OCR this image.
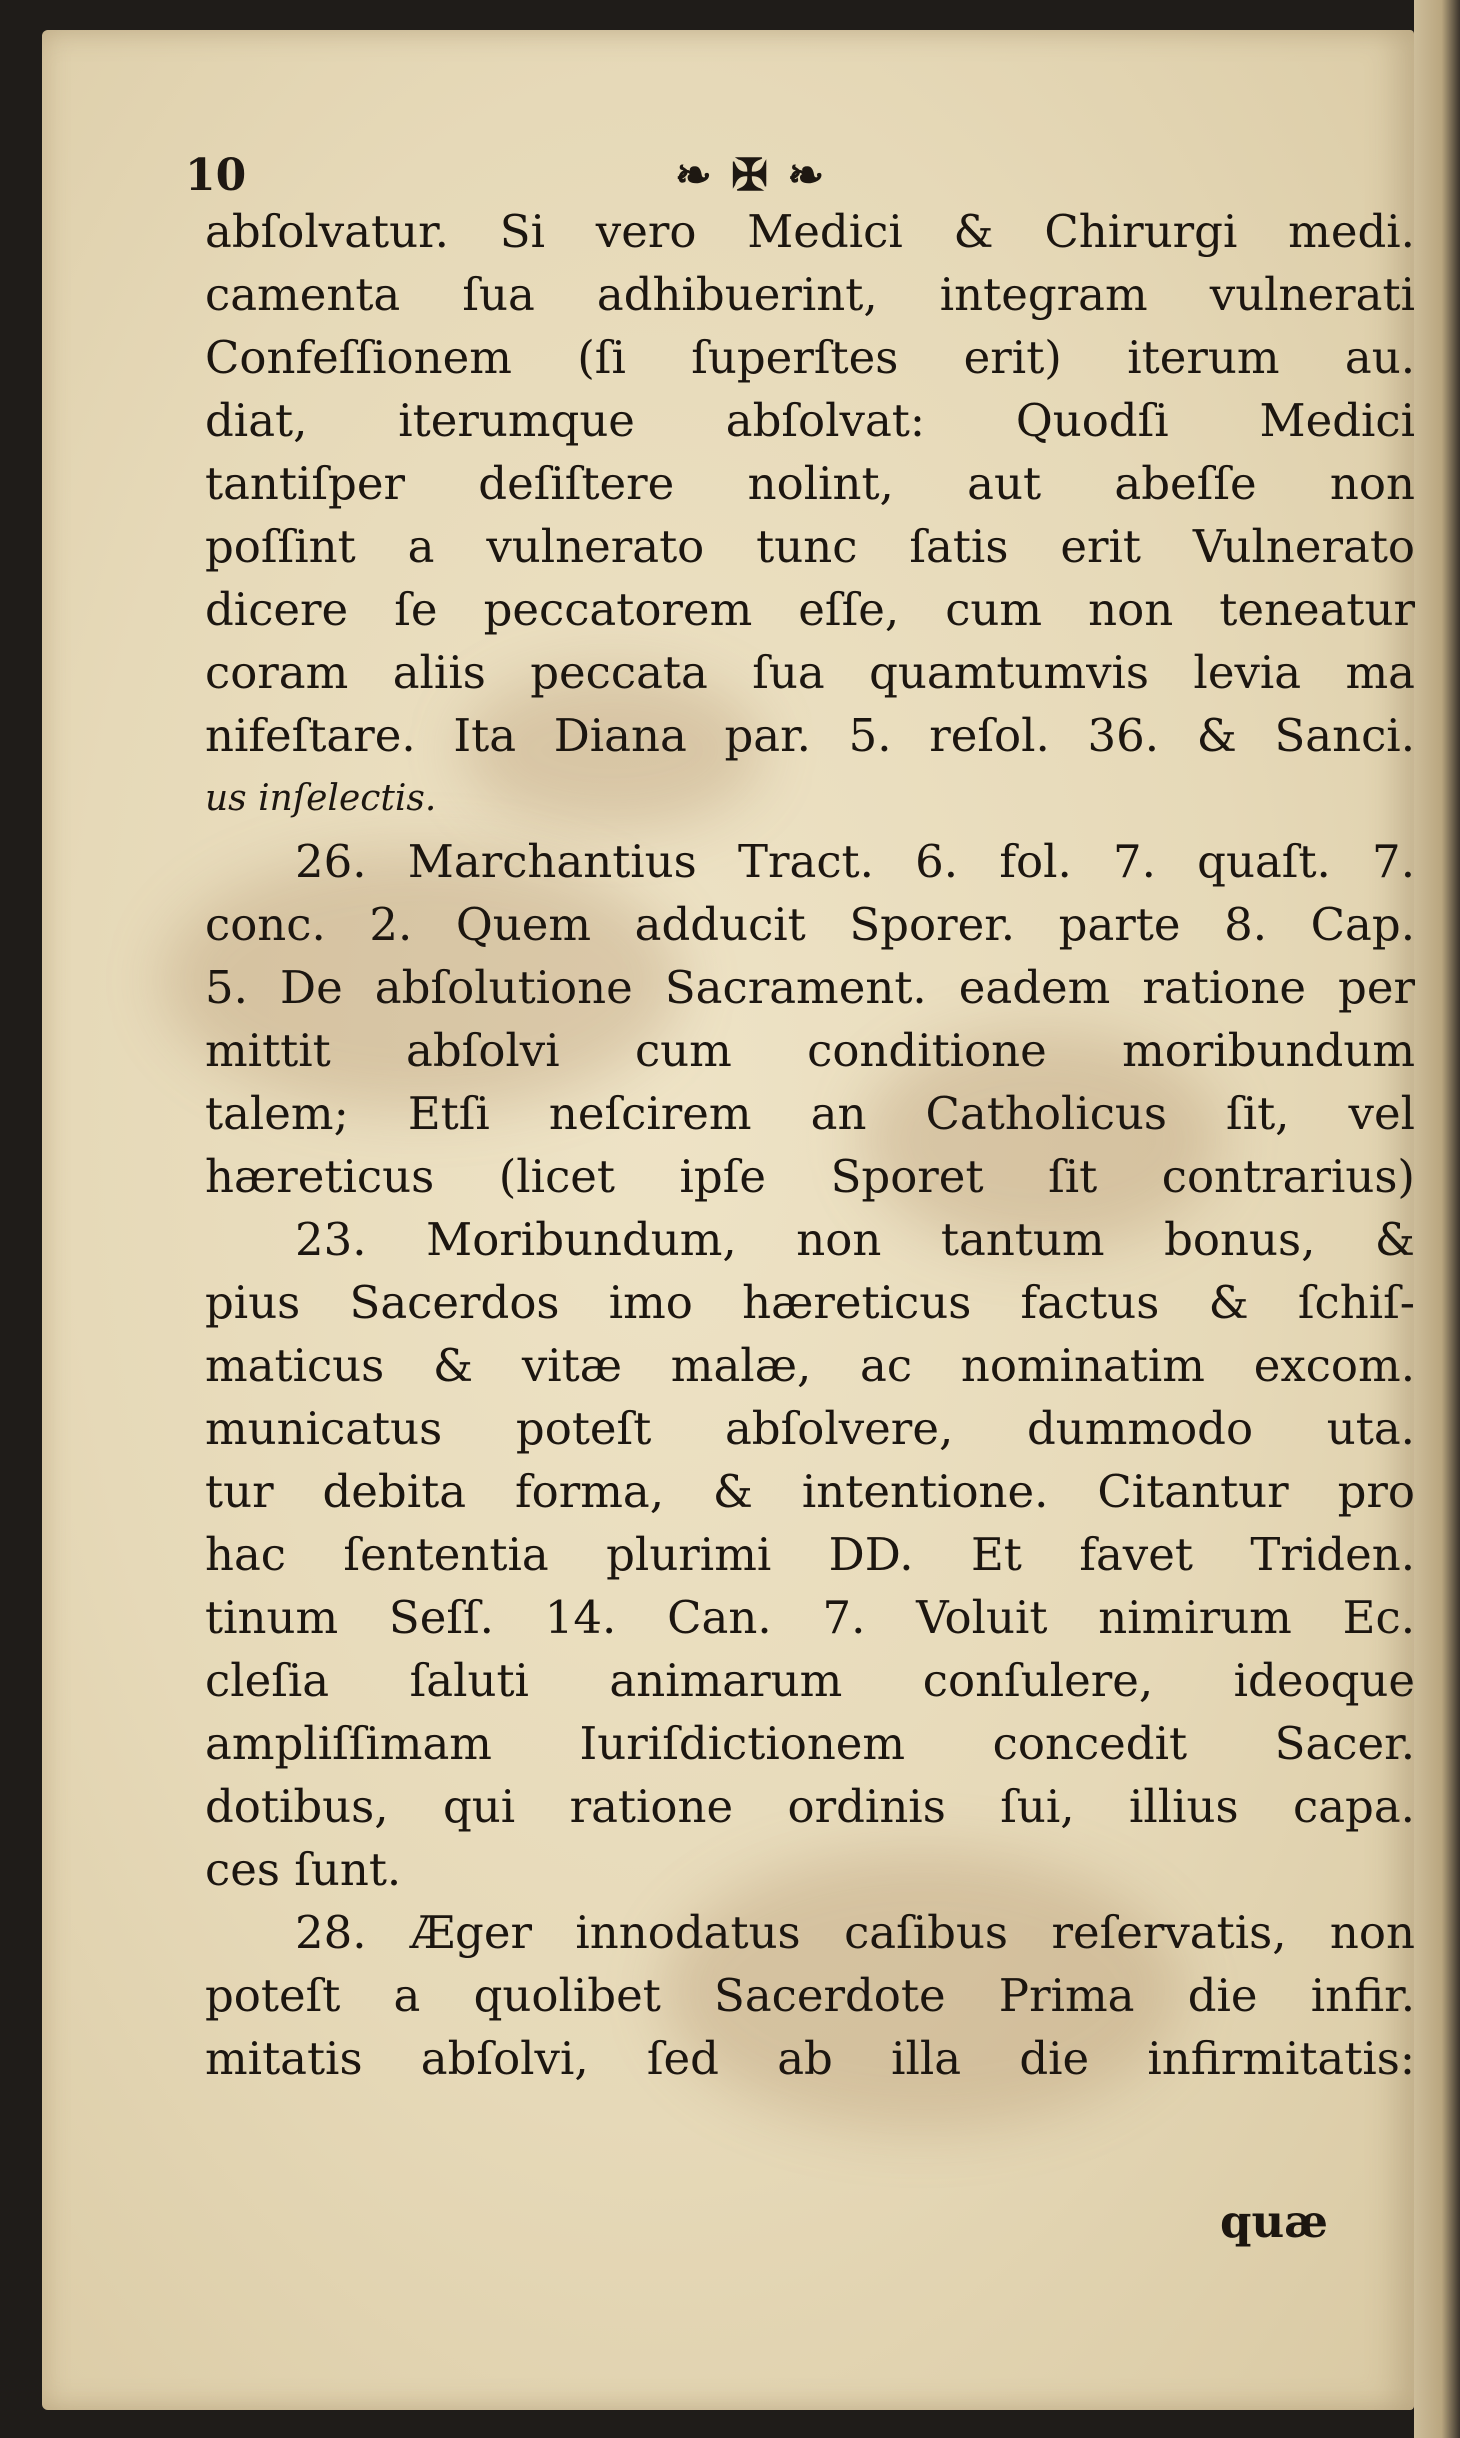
10	❧ ✠ ❧
abſolvatur. Si vero Medici & Chirurgi medi.
camenta ſua adhibuerint, integram vulnerati
Confeſſionem (ſi ſuperſtes erit) iterum au.
diat, iterumque abſolvat: Quodſi Medici
tantiſper deſiſtere nolint, aut abeſſe non
poſſint a vulnerato tunc ſatis erit Vulnerato
dicere ſe peccatorem eſſe, cum non teneatur
coram aliis peccata ſua quamtumvis levia ma
nifeſtare. Ita Diana par. 5. reſol. 36. & Sanci.
us inſelectis.
26. Marchantius Tract. 6. fol. 7. quaſt. 7.
conc. 2. Quem adducit Sporer. parte 8. Cap.
5. De abſolutione Sacrament. eadem ratione per
mittit abſolvi cum conditione moribundum
talem; Etſi neſcirem an Catholicus ſit, vel
hæreticus (licet ipſe Sporet ſit contrarius)
23. Moribundum, non tantum bonus, &
pius Sacerdos imo hæreticus factus & ſchiſ-
maticus & vitæ malæ, ac nominatim excom.
municatus poteſt abſolvere, dummodo uta.
tur debita forma, & intentione. Citantur pro
hac ſententia plurimi DD. Et favet Triden.
tinum Seſſ. 14. Can. 7. Voluit nimirum Ec.
cleſia ſaluti animarum conſulere, ideoque
ampliſſimam Iuriſdictionem concedit Sacer.
dotibus, qui ratione ordinis ſui, illius capa.
ces ſunt.
28. Æger innodatus caſibus reſervatis, non
poteſt a quolibet Sacerdote Prima die infir.
mitatis abſolvi, ſed ab illa die infirmitatis:
quæ
